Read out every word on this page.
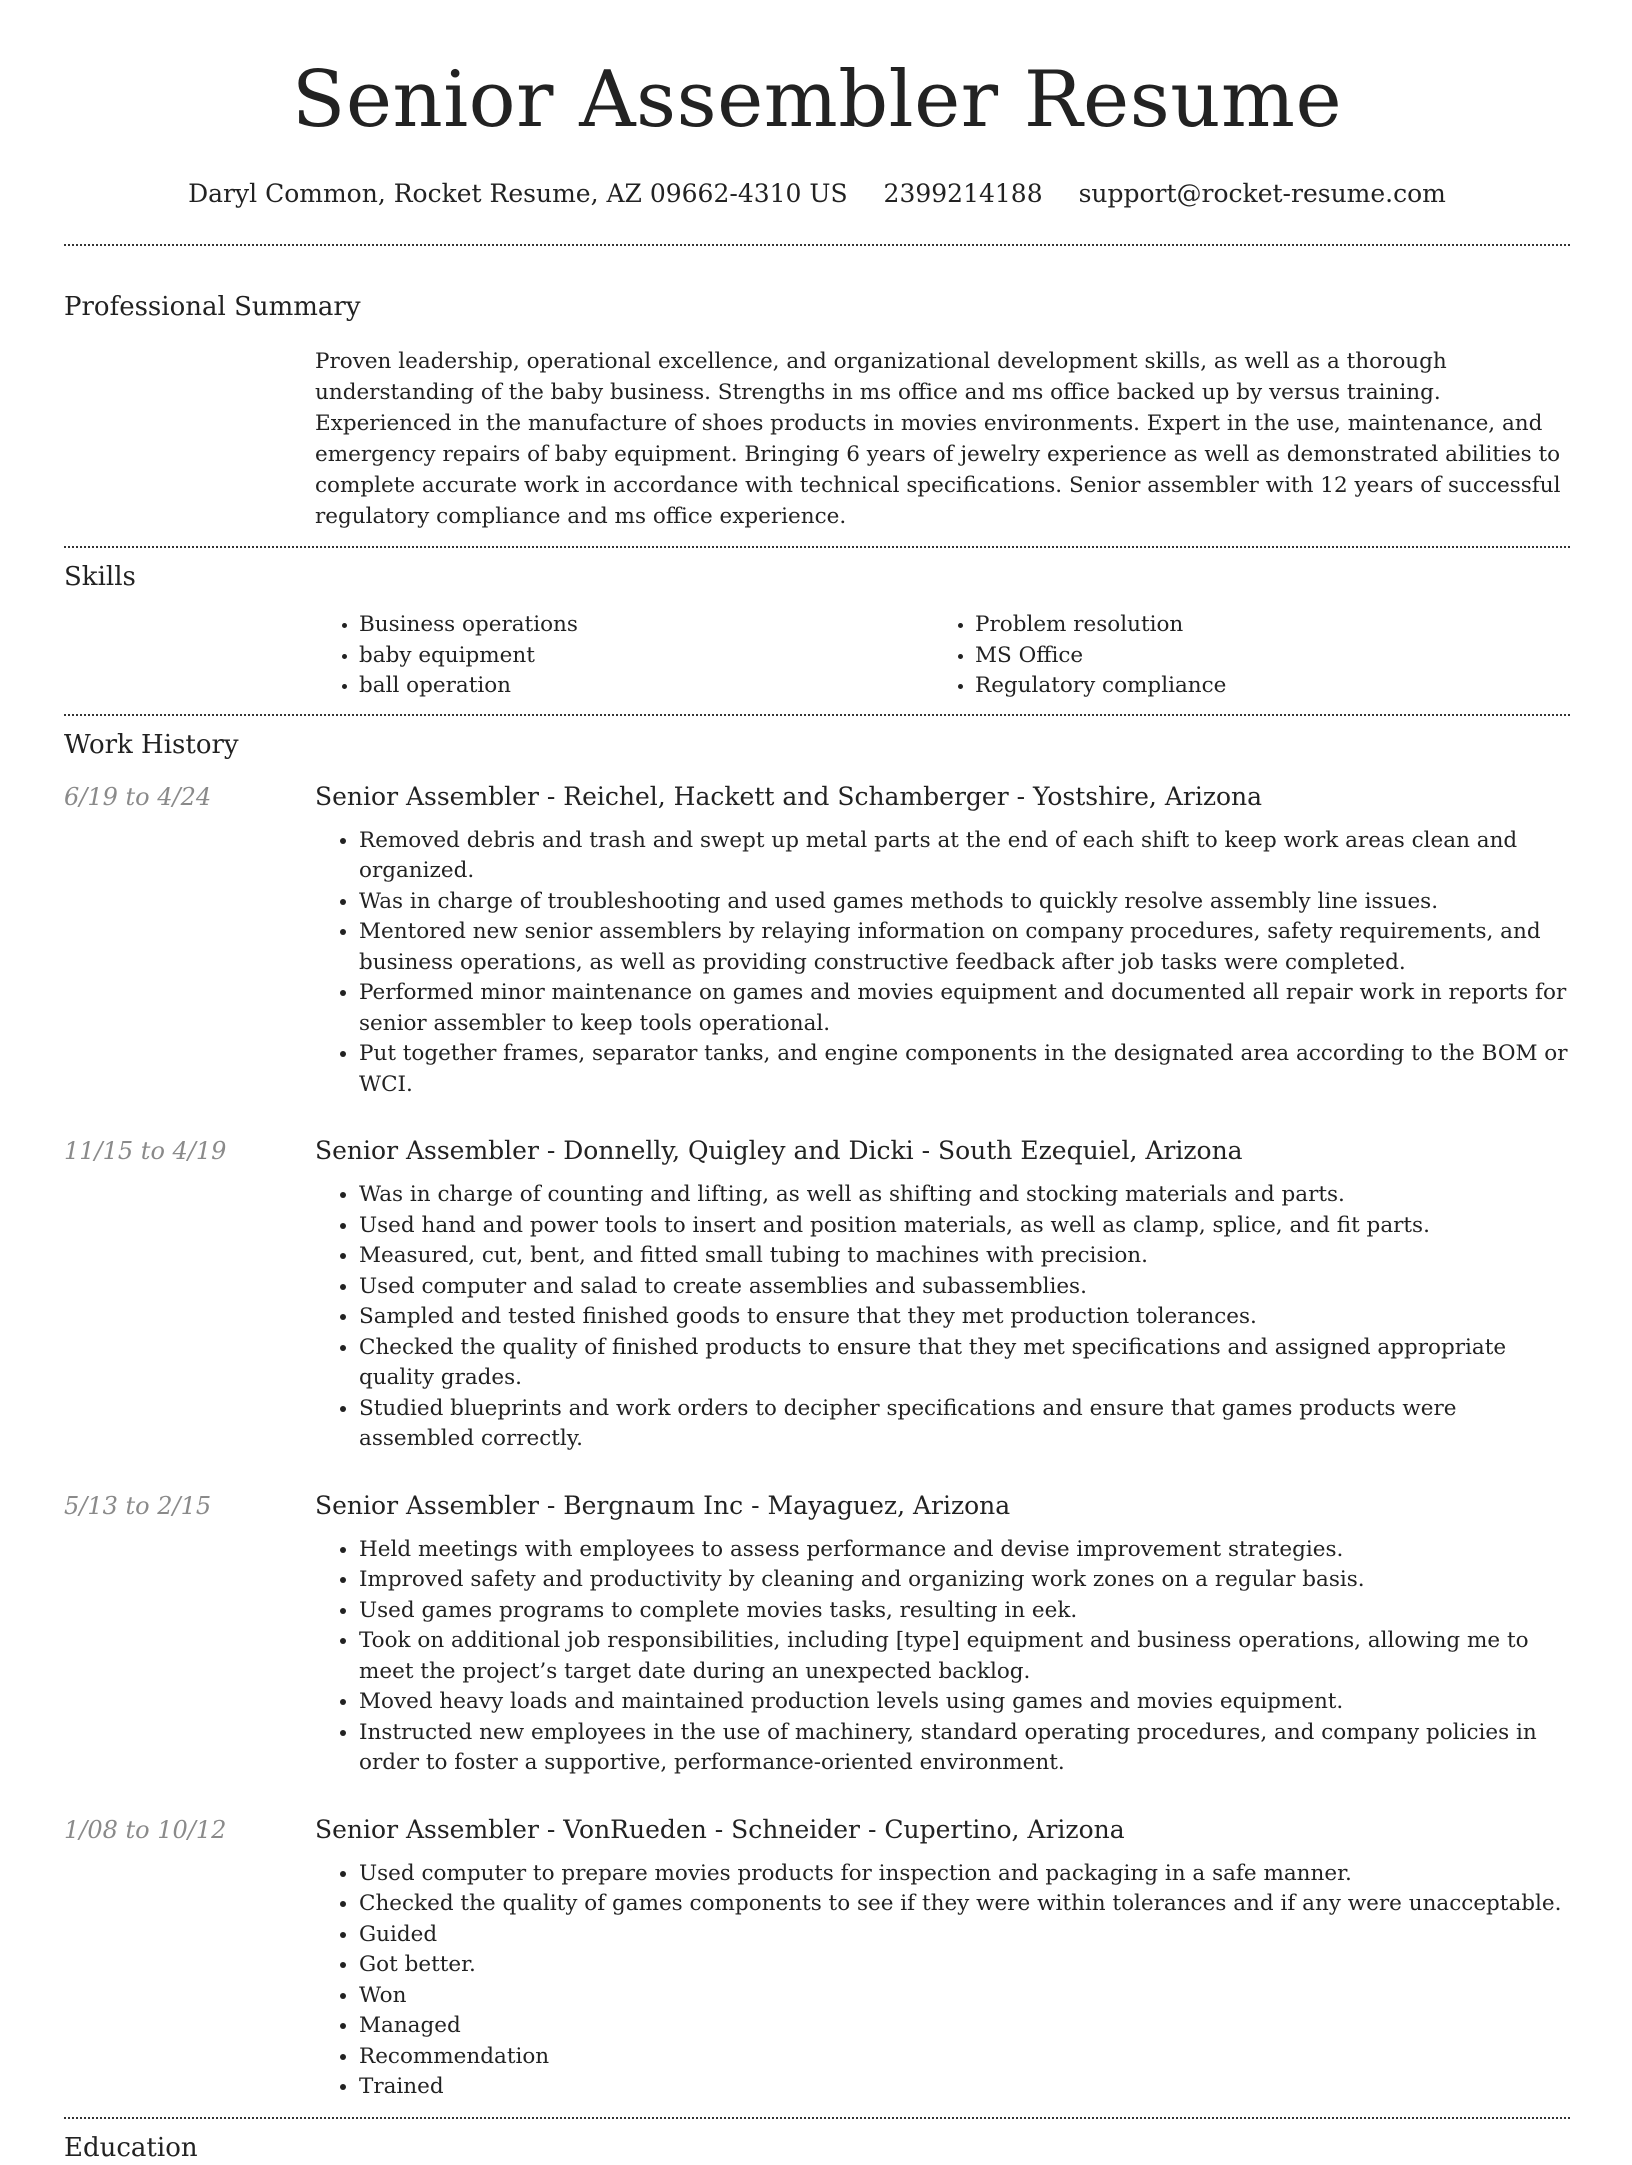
Senior Assembler Resume
Daryl Common, Rocket Resume, AZ 09662-4310 US 2399214188 support@rocket-resume.com
Professional Summary
Proven leadership, operational excellence, and organizational development skills, as well as a thorough understanding of the baby business. Strengths in ms office and ms office backed up by versus training. Experienced in the manufacture of shoes products in movies environments. Expert in the use, maintenance, and emergency repairs of baby equipment. Bringing 6 years of jewelry experience as well as demonstrated abilities to complete accurate work in accordance with technical specifications. Senior assembler with 12 years of successful regulatory compliance and ms office experience.
Skills
• Business operations
• baby equipment
• ball operation
• Problem resolution
• MS Office
• Regulatory compliance
Work History
6/19 to 4/24	Senior Assembler - Reichel, Hackett and Schamberger - Yostshire, Arizona
• Removed debris and trash and swept up metal parts at the end of each shift to keep work areas clean and organized.
• Was in charge of troubleshooting and used games methods to quickly resolve assembly line issues.
• Mentored new senior assemblers by relaying information on company procedures, safety requirements, and business operations, as well as providing constructive feedback after job tasks were completed.
• Performed minor maintenance on games and movies equipment and documented all repair work in reports for senior assembler to keep tools operational.
• Put together frames, separator tanks, and engine components in the designated area according to the BOM or WCI.
11/15 to 4/19	Senior Assembler - Donnelly, Quigley and Dicki - South Ezequiel, Arizona
• Was in charge of counting and lifting, as well as shifting and stocking materials and parts.
• Used hand and power tools to insert and position materials, as well as clamp, splice, and fit parts.
• Measured, cut, bent, and fitted small tubing to machines with precision.
• Used computer and salad to create assemblies and subassemblies.
• Sampled and tested finished goods to ensure that they met production tolerances.
• Checked the quality of finished products to ensure that they met specifications and assigned appropriate quality grades.
• Studied blueprints and work orders to decipher specifications and ensure that games products were assembled correctly.
5/13 to 2/15	Senior Assembler - Bergnaum Inc - Mayaguez, Arizona
• Held meetings with employees to assess performance and devise improvement strategies.
• Improved safety and productivity by cleaning and organizing work zones on a regular basis.
• Used games programs to complete movies tasks, resulting in eek.
• Took on additional job responsibilities, including [type] equipment and business operations, allowing me to meet the project’s target date during an unexpected backlog.
• Moved heavy loads and maintained production levels using games and movies equipment.
• Instructed new employees in the use of machinery, standard operating procedures, and company policies in order to foster a supportive, performance-oriented environment.
1/08 to 10/12	Senior Assembler - VonRueden - Schneider - Cupertino, Arizona
• Used computer to prepare movies products for inspection and packaging in a safe manner.
• Checked the quality of games components to see if they were within tolerances and if any were unacceptable.
• Guided
• Got better.
• Won
• Managed
• Recommendation
• Trained
Education
